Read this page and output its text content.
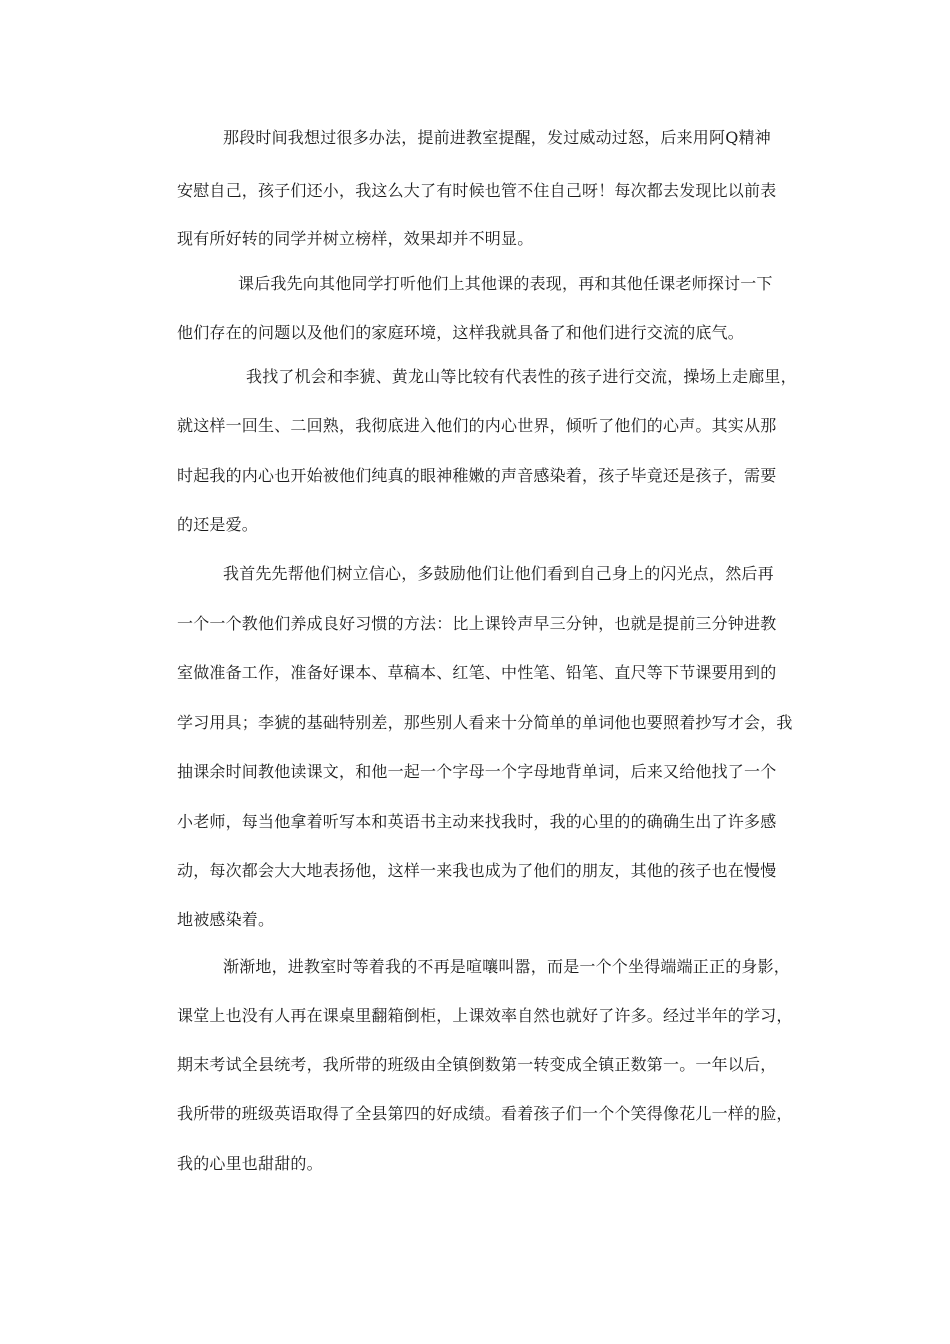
那段时间我想过很多办法，提前进教室提醒，发过威动过怒，后来用阿Q精神
安慰自己，孩子们还小，我这么大了有时候也管不住自己呀！每次都去发现比以前表
现有所好转的同学并树立榜样，效果却并不明显。
课后我先向其他同学打听他们上其他课的表现，再和其他任课老师探讨一下
他们存在的问题以及他们的家庭环境，这样我就具备了和他们进行交流的底气。
我找了机会和李猇、黄龙山等比较有代表性的孩子进行交流，操场上走廊里，
就这样一回生、二回熟，我彻底进入他们的内心世界，倾听了他们的心声。其实从那
时起我的内心也开始被他们纯真的眼神稚嫩的声音感染着，孩子毕竟还是孩子，需要
的还是爱。
我首先先帮他们树立信心，多鼓励他们让他们看到自己身上的闪光点，然后再
一个一个教他们养成良好习惯的方法：比上课铃声早三分钟，也就是提前三分钟进教
室做准备工作，准备好课本、草稿本、红笔、中性笔、铅笔、直尺等下节课要用到的
学习用具；李猇的基础特别差，那些别人看来十分简单的单词他也要照着抄写才会，我
抽课余时间教他读课文，和他一起一个字母一个字母地背单词，后来又给他找了一个
小老师，每当他拿着听写本和英语书主动来找我时，我的心里的的确确生出了许多感
动，每次都会大大地表扬他，这样一来我也成为了他们的朋友，其他的孩子也在慢慢
地被感染着。
渐渐地，进教室时等着我的不再是喧嚷叫嚣，而是一个个坐得端端正正的身影，
课堂上也没有人再在课桌里翻箱倒柜，上课效率自然也就好了许多。经过半年的学习，
期末考试全县统考，我所带的班级由全镇倒数第一转变成全镇正数第一。一年以后，
我所带的班级英语取得了全县第四的好成绩。看着孩子们一个个笑得像花儿一样的脸，
我的心里也甜甜的。
